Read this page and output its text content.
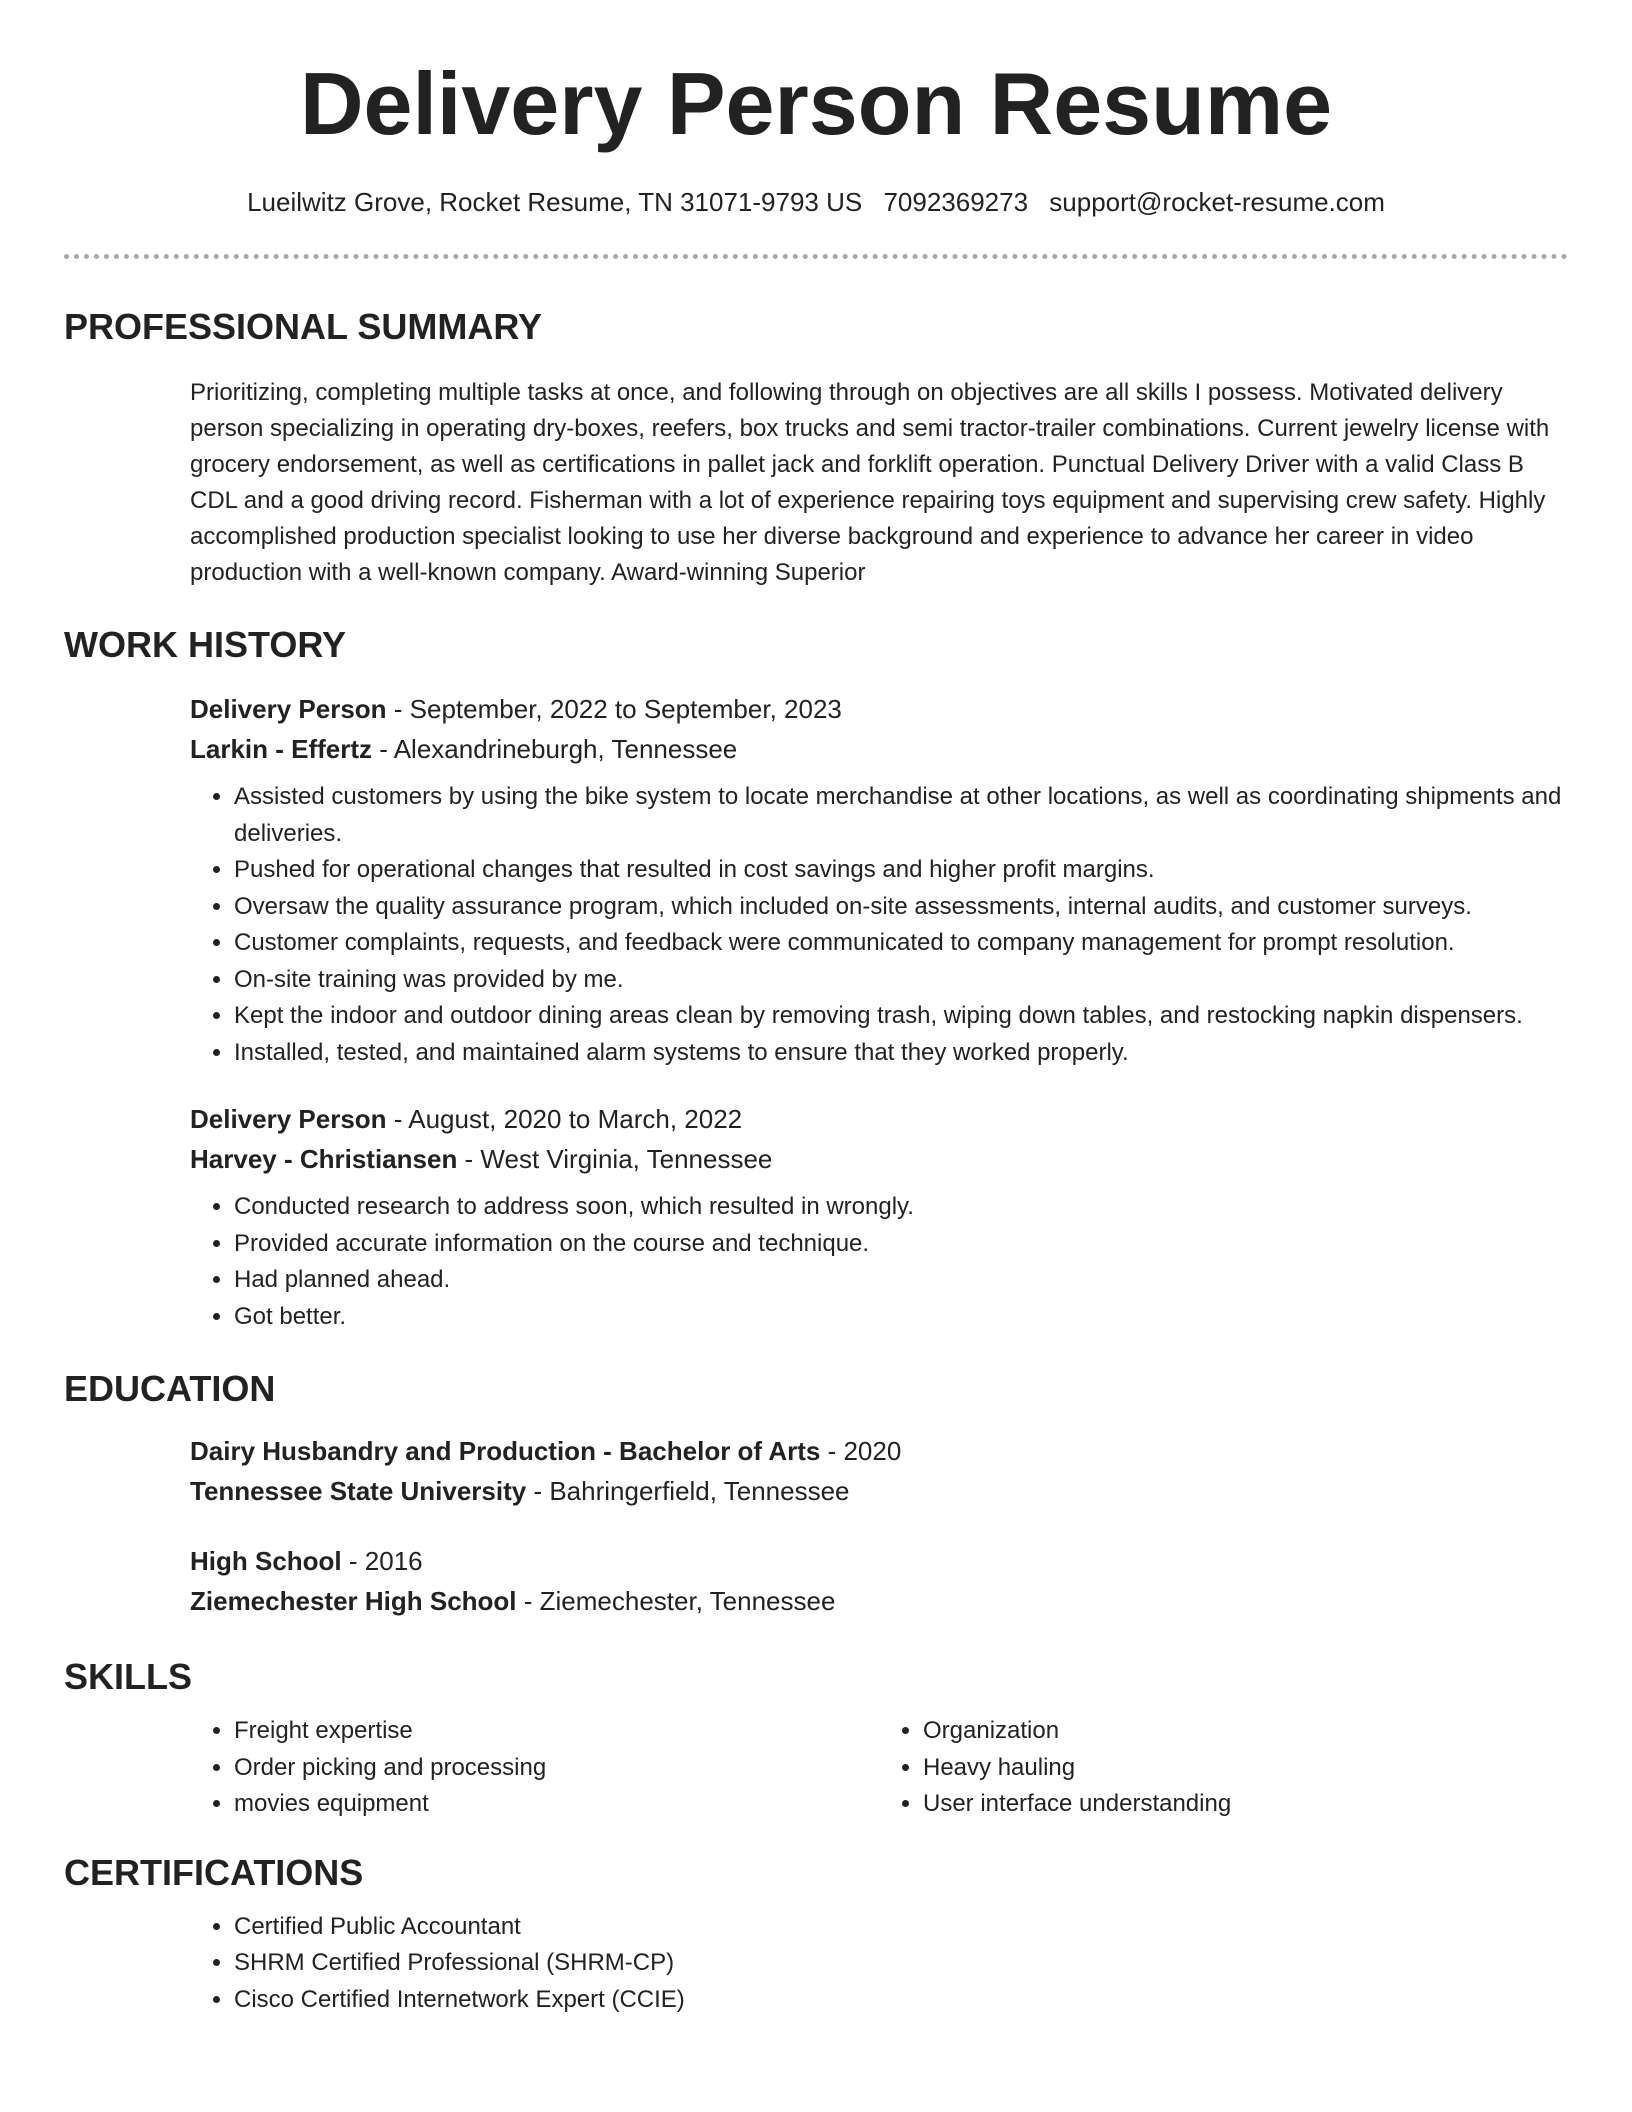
Delivery Person Resume
Lueilwitz Grove, Rocket Resume, TN 31071-9793 US 7092369273 support@rocket-resume.com
PROFESSIONAL SUMMARY

Prioritizing, completing multiple tasks at once, and following through on objectives are all skills I possess. Motivated delivery person specializing in operating dry-boxes, reefers, box trucks and semi tractor-trailer combinations. Current jewelry license with grocery endorsement, as well as certifications in pallet jack and forklift operation. Punctual Delivery Driver with a valid Class B CDL and a good driving record. Fisherman with a lot of experience repairing toys equipment and supervising crew safety. Highly accomplished production specialist looking to use her diverse background and experience to advance her career in video production with a well-known company. Award-winning Superior

WORK HISTORY
Delivery Person - September, 2022 to September, 2023
Larkin - Effertz - Alexandrineburgh, Tennessee
• Assisted customers by using the bike system to locate merchandise at other locations, as well as coordinating shipments and deliveries.
• Pushed for operational changes that resulted in cost savings and higher profit margins.
• Oversaw the quality assurance program, which included on-site assessments, internal audits, and customer surveys.
• Customer complaints, requests, and feedback were communicated to company management for prompt resolution.
• On-site training was provided by me.
• Kept the indoor and outdoor dining areas clean by removing trash, wiping down tables, and restocking napkin dispensers.
• Installed, tested, and maintained alarm systems to ensure that they worked properly.
Delivery Person - August, 2020 to March, 2022
Harvey - Christiansen - West Virginia, Tennessee
• Conducted research to address soon, which resulted in wrongly.
• Provided accurate information on the course and technique.
• Had planned ahead.
• Got better.
EDUCATION
Dairy Husbandry and Production - Bachelor of Arts - 2020
Tennessee State University - Bahringerfield, Tennessee
High School - 2016
Ziemechester High School - Ziemechester, Tennessee
SKILLS
• Freight expertise
• Order picking and processing
• movies equipment
• Organization
• Heavy hauling
• User interface understanding
CERTIFICATIONS
• Certified Public Accountant
• SHRM Certified Professional (SHRM-CP)
• Cisco Certified Internetwork Expert (CCIE)
